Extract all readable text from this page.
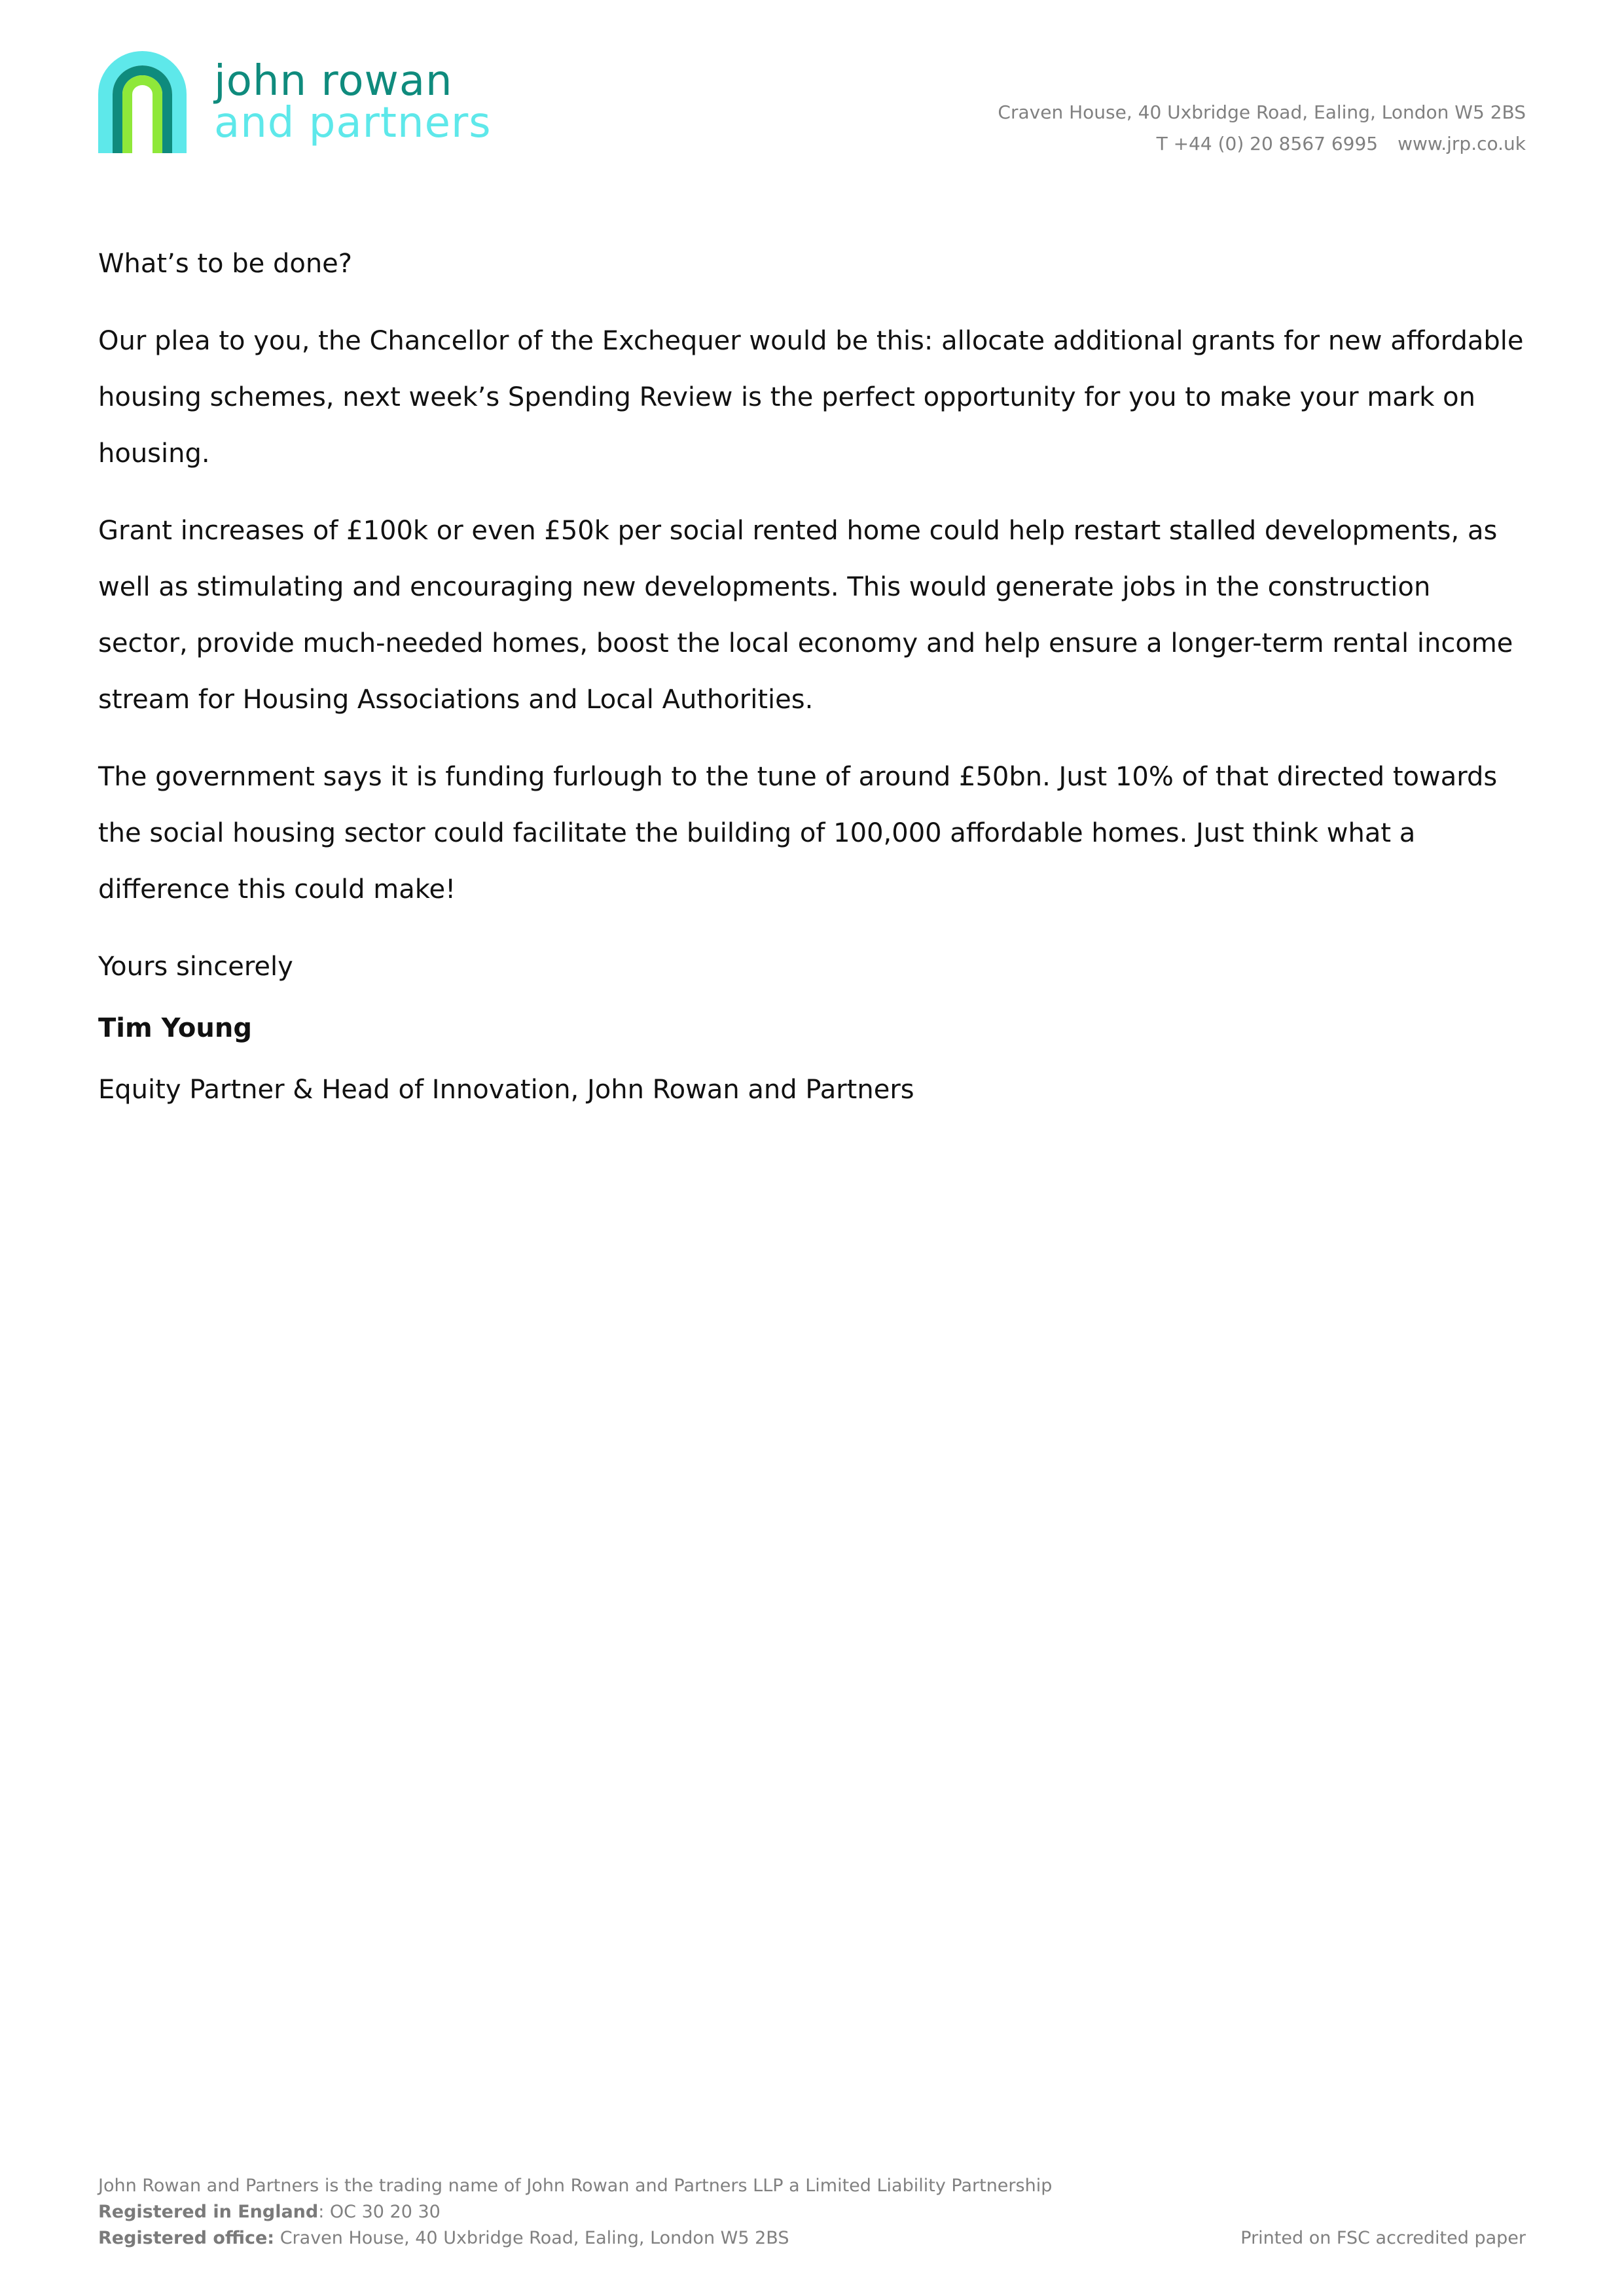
john rowan
and partners	Craven House, 40 Uxbridge Road, Ealing, London W5 2BS
T +44 (0) 20 8567 6995 www.jrp.co.uk

What’s to be done?

Our plea to you, the Chancellor of the Exchequer would be this: allocate additional grants for new affordable housing schemes, next week’s Spending Review is the perfect opportunity for you to make your mark on housing.

Grant increases of £100k or even £50k per social rented home could help restart stalled developments, as well as stimulating and encouraging new developments. This would generate jobs in the construction sector, provide much-needed homes, boost the local economy and help ensure a longer-term rental income stream for Housing Associations and Local Authorities.

The government says it is funding furlough to the tune of around £50bn. Just 10% of that directed towards the social housing sector could facilitate the building of 100,000 affordable homes. Just think what a difference this could make!

Yours sincerely

Tim Young

Equity Partner & Head of Innovation, John Rowan and Partners

John Rowan and Partners is the trading name of John Rowan and Partners LLP a Limited Liability Partnership
Registered in England: OC 30 20 30
Registered office: Craven House, 40 Uxbridge Road, Ealing, London W5 2BS	Printed on FSC accredited paper
